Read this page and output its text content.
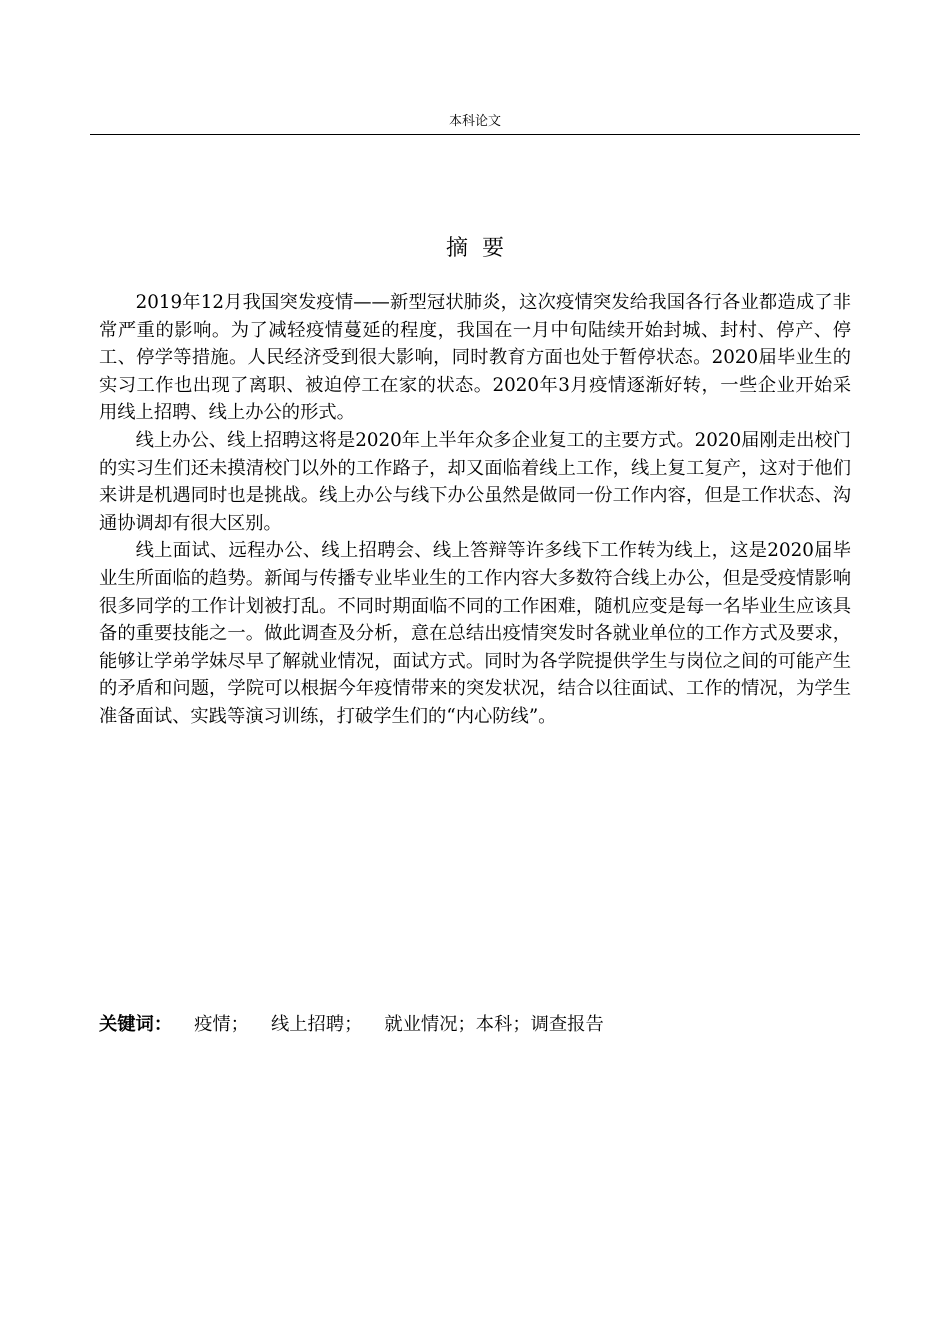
本科论文
摘要

2019年12月我国突发疫情——新型冠状肺炎，这次疫情突发给我国各行各业都造成了非常严重的影响。为了减轻疫情蔓延的程度，我国在一月中旬陆续开始封城、封村、停产、停工、停学等措施。人民经济受到很大影响，同时教育方面也处于暂停状态。2020届毕业生的实习工作也出现了离职、被迫停工在家的状态。2020年3月疫情逐渐好转，一些企业开始采用线上招聘、线上办公的形式。

线上办公、线上招聘这将是2020年上半年众多企业复工的主要方式。2020届刚走出校门的实习生们还未摸清校门以外的工作路子，却又面临着线上工作，线上复工复产，这对于他们来讲是机遇同时也是挑战。线上办公与线下办公虽然是做同一份工作内容，但是工作状态、沟通协调却有很大区别。

线上面试、远程办公、线上招聘会、线上答辩等许多线下工作转为线上，这是2020届毕业生所面临的趋势。新闻与传播专业毕业生的工作内容大多数符合线上办公，但是受疫情影响很多同学的工作计划被打乱。不同时期面临不同的工作困难，随机应变是每一名毕业生应该具备的重要技能之一。做此调查及分析，意在总结出疫情突发时各就业单位的工作方式及要求，能够让学弟学妹尽早了解就业情况，面试方式。同时为各学院提供学生与岗位之间的可能产生的矛盾和问题，学院可以根据今年疫情带来的突发状况，结合以往面试、工作的情况，为学生准备面试、实践等演习训练，打破学生们的“内心防线”。

关键词： 疫情； 线上招聘； 就业情况；本科；调查报告
